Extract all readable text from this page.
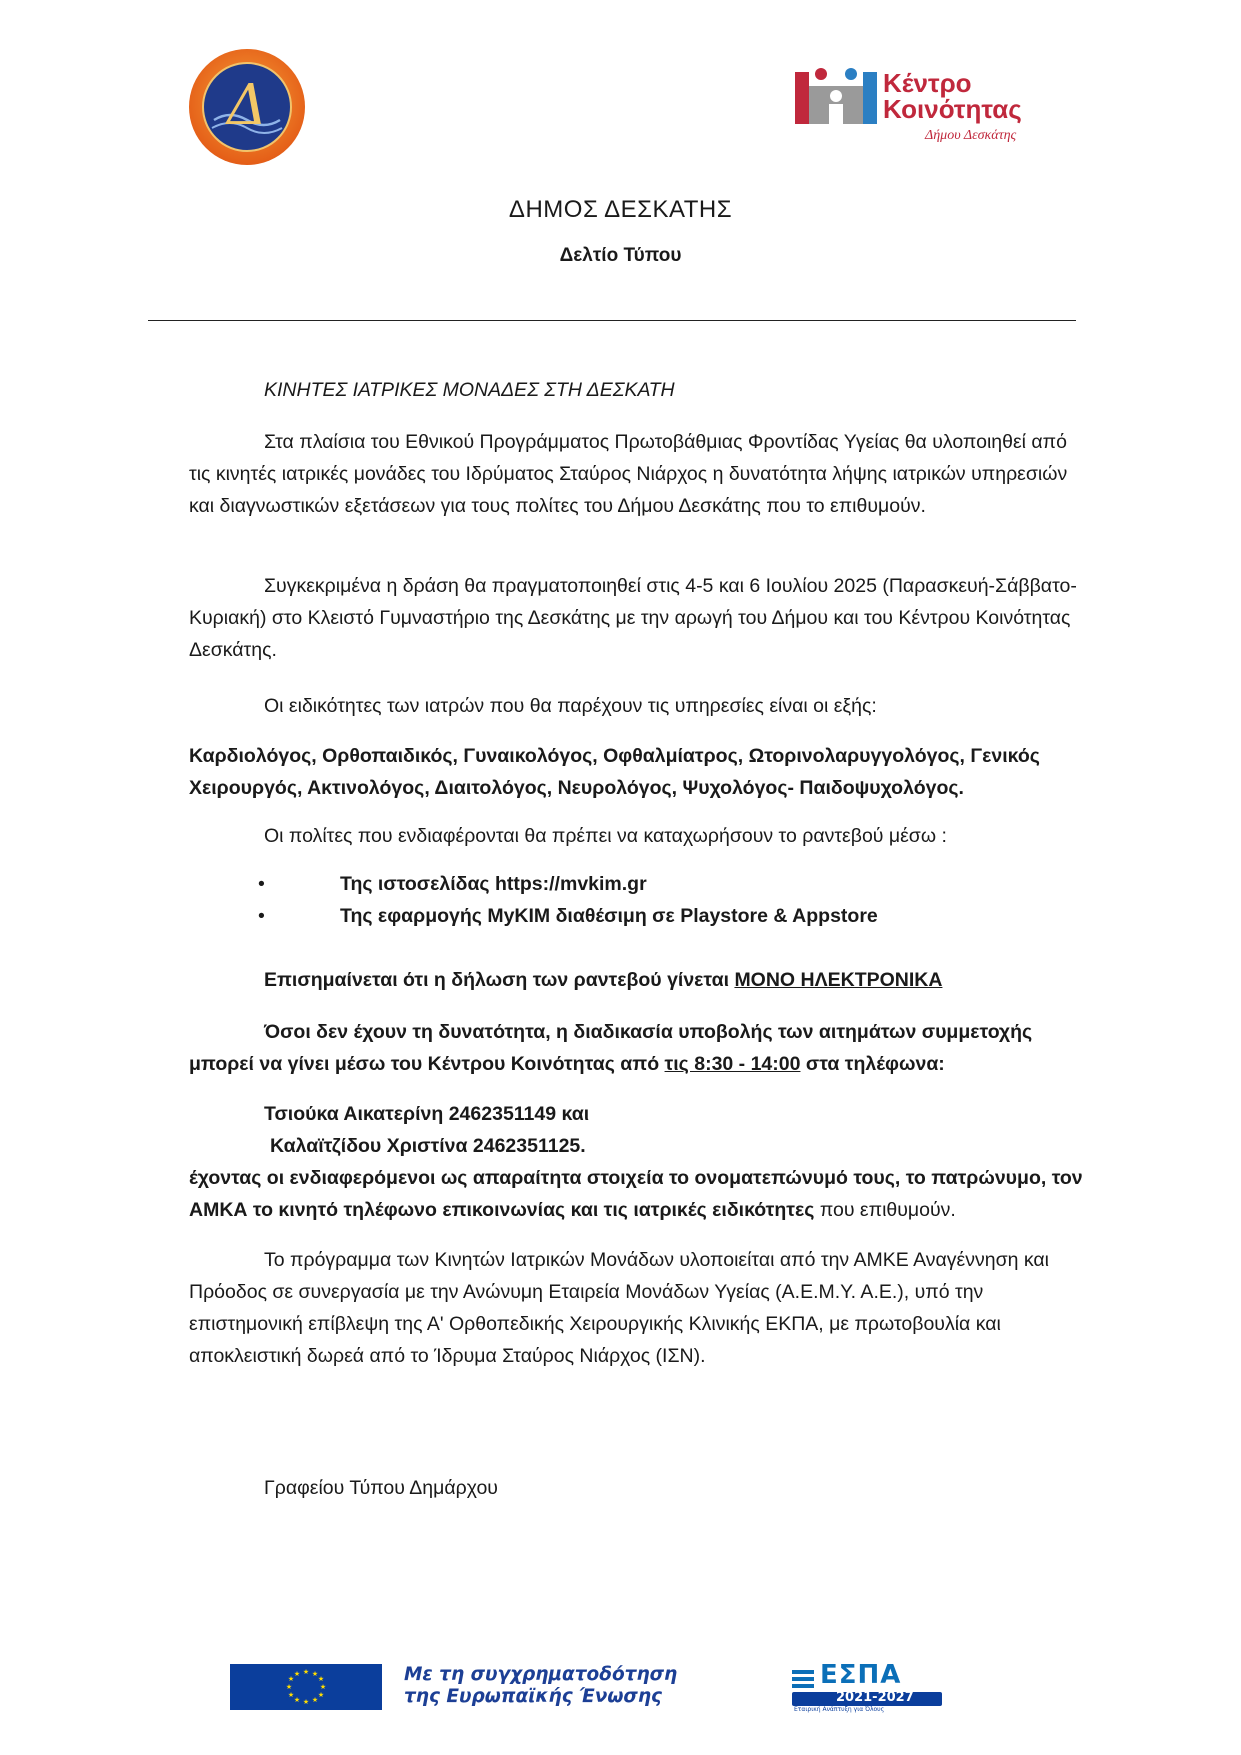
Δ	Κέντρο
Κοινότητας
Δήμου Δεσκάτης
ΔΗΜΟΣ ΔΕΣΚΑΤΗΣ
Δελτίο Τύπου
ΚΙΝΗΤΕΣ ΙΑΤΡΙΚΕΣ ΜΟΝΑΔΕΣ ΣΤΗ ΔΕΣΚΑΤΗ

Στα πλαίσια του Εθνικού Προγράμματος Πρωτοβάθμιας Φροντίδας Υγείας θα υλοποιηθεί από τις κινητές ιατρικές μονάδες του Ιδρύματος Σταύρος Νιάρχος η δυνατότητα λήψης ιατρικών υπηρεσιών και διαγνωστικών εξετάσεων για τους πολίτες του Δήμου Δεσκάτης που το επιθυμούν.

Συγκεκριμένα η δράση θα πραγματοποιηθεί στις 4-5 και 6 Ιουλίου 2025 (Παρασκευή-Σάββατο-Κυριακή) στο Κλειστό Γυμναστήριο της Δεσκάτης με την αρωγή του Δήμου και του Κέντρου Κοινότητας Δεσκάτης.

Οι ειδικότητες των ιατρών που θα παρέχουν τις υπηρεσίες είναι οι εξής:

Καρδιολόγος, Ορθοπαιδικός, Γυναικολόγος, Οφθαλμίατρος, Ωτορινολαρυγγολόγος, Γενικός Χειρουργός, Ακτινολόγος, Διαιτολόγος, Νευρολόγος, Ψυχολόγος- Παιδοψυχολόγος.

Οι πολίτες που ενδιαφέρονται θα πρέπει να καταχωρήσουν το ραντεβού μέσω :

•	Της ιστοσελίδας https://mvkim.gr
•	Της εφαρμογής MyKIM διαθέσιμη σε Playstore & Appstore

Επισημαίνεται ότι η δήλωση των ραντεβού γίνεται ΜΟΝΟ ΗΛΕΚΤΡΟΝΙΚΑ

Όσοι δεν έχουν τη δυνατότητα, η διαδικασία υποβολής των αιτημάτων συμμετοχής μπορεί να γίνει μέσω του Κέντρου Κοινότητας από τις 8:30 - 14:00 στα τηλέφωνα:

Τσιούκα Αικατερίνη 2462351149 και
Καλαϊτζίδου Χριστίνα 2462351125.

έχοντας οι ενδιαφερόμενοι ως απαραίτητα στοιχεία το ονοματεπώνυμό τους, το πατρώνυμο, τον ΑΜΚΑ το κινητό τηλέφωνο επικοινωνίας και τις ιατρικές ειδικότητες που επιθυμούν.

Το πρόγραμμα των Κινητών Ιατρικών Μονάδων υλοποιείται από την ΑΜΚΕ Αναγέννηση και Πρόοδος σε συνεργασία με την Ανώνυμη Εταιρεία Μονάδων Υγείας (Α.Ε.Μ.Υ. Α.Ε.), υπό την επιστημονική επίβλεψη της Α' Ορθοπεδικής Χειρουργικής Κλινικής ΕΚΠΑ, με πρωτοβουλία και αποκλειστική δωρεά από το Ίδρυμα Σταύρος Νιάρχος (ΙΣΝ).

Γραφείου Τύπου Δημάρχου
★ ★
★
★
★
★
★
★
★
★
★
★	Με τη συγχρηματοδότηση
της Ευρωπαϊκής Ένωσης
ΕΣΠΑ
2021-2027
Εταιρική Ανάπτυξη για Όλους
